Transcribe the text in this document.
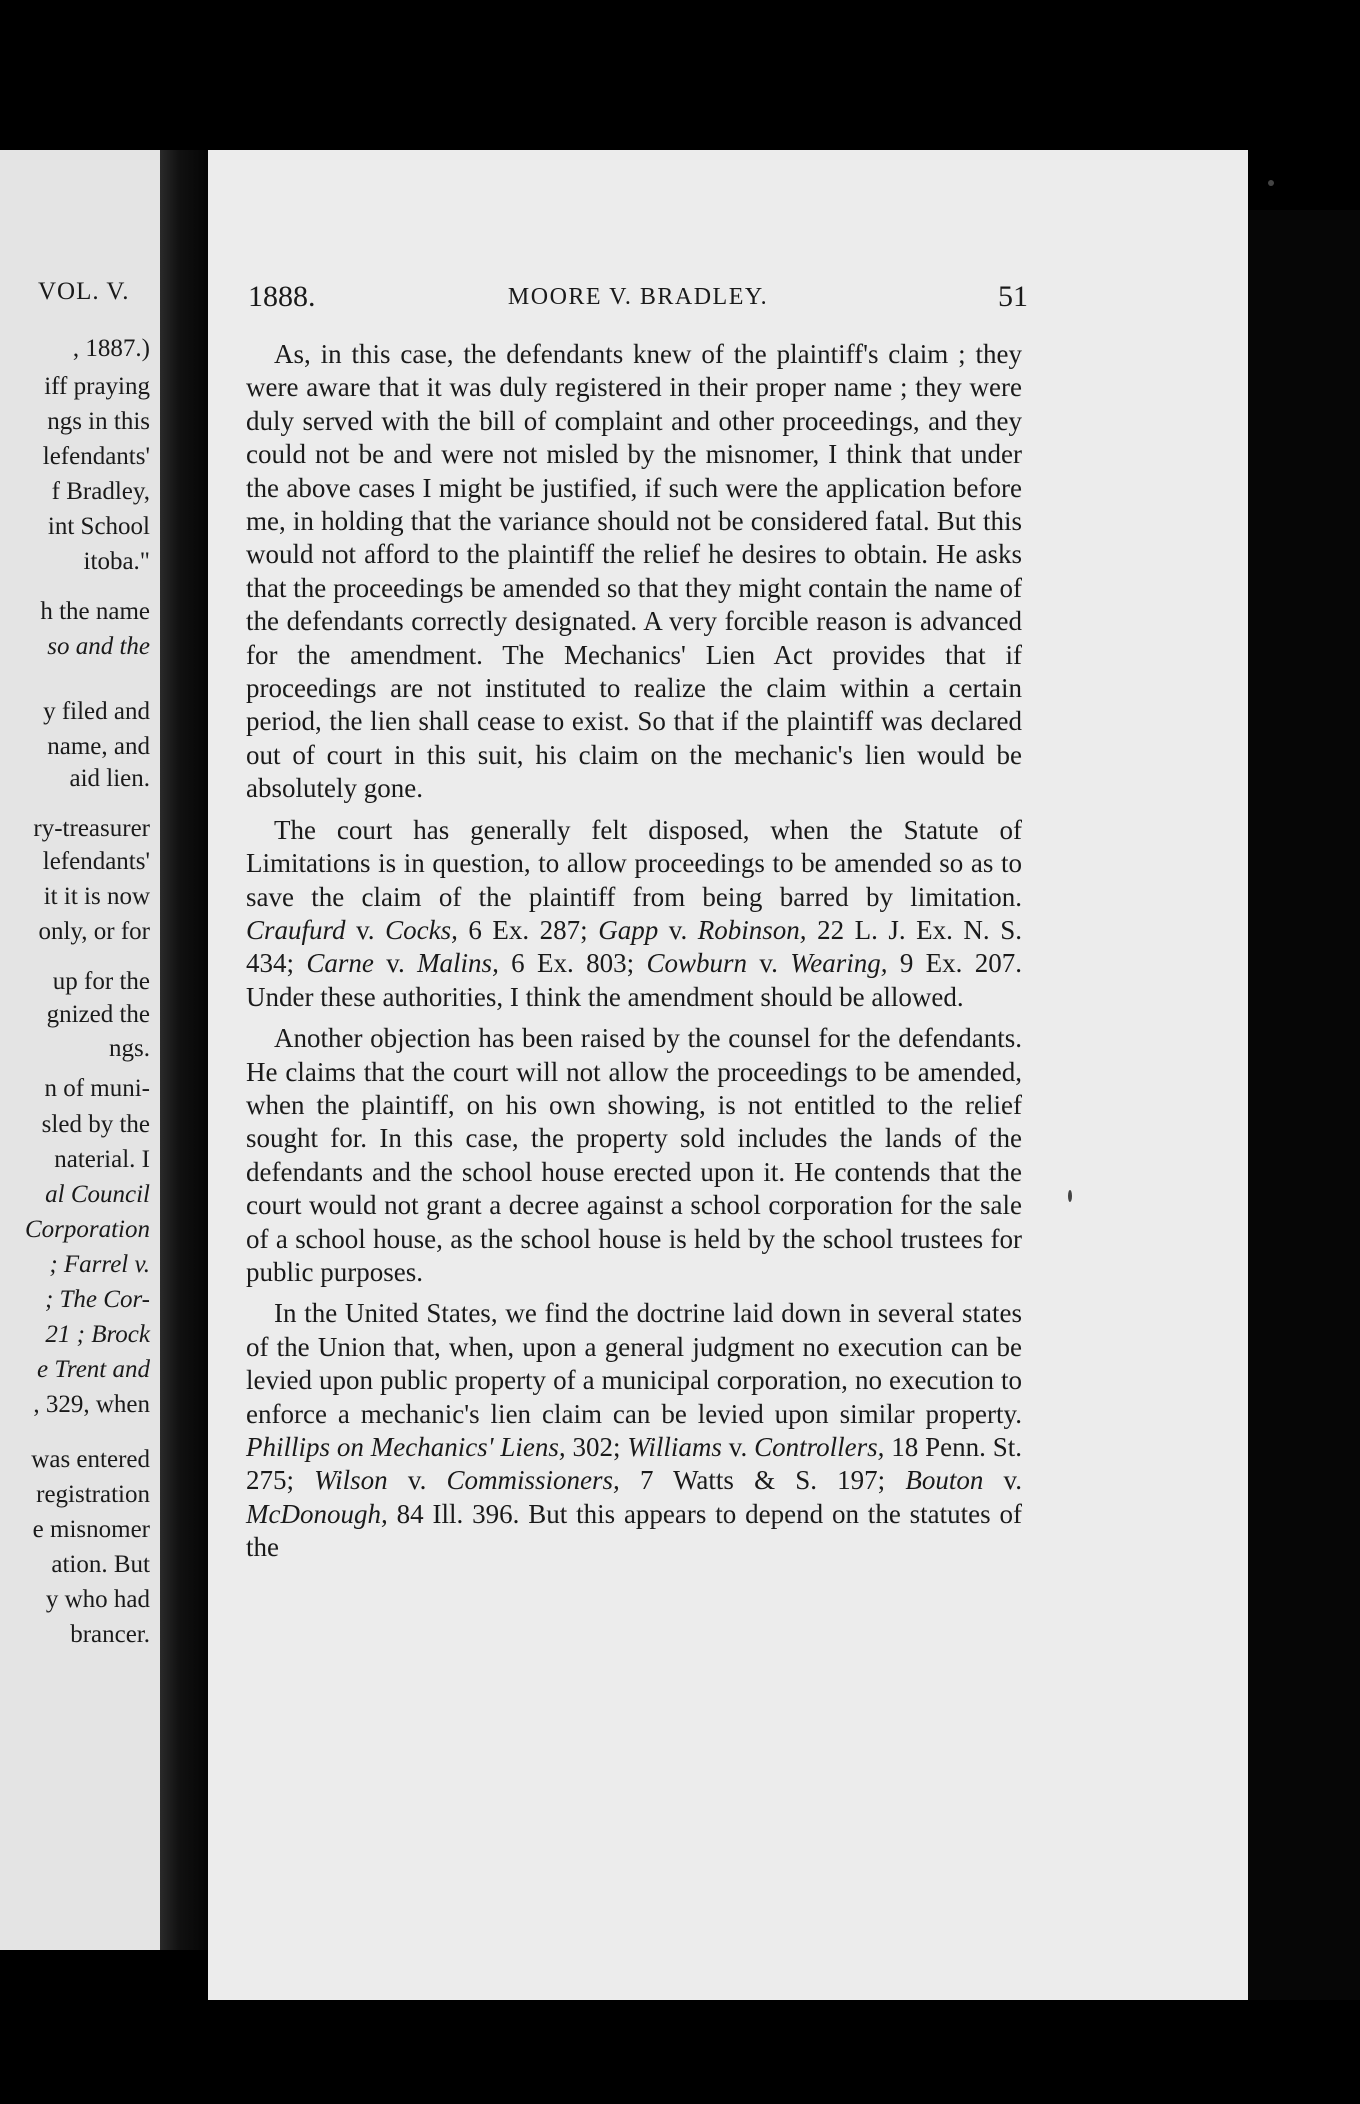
VOL. V.
, 1887.)
iff praying
ngs in this
lefendants'
f Bradley,
int School
itoba."
h the name
so and the
y filed and
name, and
aid lien.
ry-treasurer
lefendants'
it it is now
only, or for
up for the
gnized the
ngs.
n of muni-
sled by the
naterial. I
al Council
Corporation
; Farrel v.
; The Cor-
21 ; Brock
e Trent and
, 329, when
was entered
registration
e misnomer
ation. But
y who had
brancer.
1888.	MOORE V. BRADLEY.	51

As, in this case, the defendants knew of the plaintiff's claim ; they were aware that it was duly registered in their proper name ; they were duly served with the bill of complaint and other proceedings, and they could not be and were not misled by the misnomer, I think that under the above cases I might be justified, if such were the application before me, in holding that the variance should not be considered fatal. But this would not afford to the plaintiff the relief he desires to obtain. He asks that the proceedings be amended so that they might contain the name of the defendants correctly designated. A very forcible reason is advanced for the amendment. The Mechanics' Lien Act provides that if proceedings are not instituted to realize the claim within a certain period, the lien shall cease to exist. So that if the plaintiff was declared out of court in this suit, his claim on the mechanic's lien would be absolutely gone.

The court has generally felt disposed, when the Statute of Limitations is in question, to allow proceedings to be amended so as to save the claim of the plaintiff from being barred by limitation. Craufurd v. Cocks, 6 Ex. 287; Gapp v. Robinson, 22 L. J. Ex. N. S. 434; Carne v. Malins, 6 Ex. 803; Cowburn v. Wearing, 9 Ex. 207. Under these authorities, I think the amendment should be allowed.

Another objection has been raised by the counsel for the defendants. He claims that the court will not allow the proceedings to be amended, when the plaintiff, on his own showing, is not entitled to the relief sought for. In this case, the property sold includes the lands of the defendants and the school house erected upon it. He contends that the court would not grant a decree against a school corporation for the sale of a school house, as the school house is held by the school trustees for public purposes.

In the United States, we find the doctrine laid down in several states of the Union that, when, upon a general judgment no execution can be levied upon public property of a municipal corporation, no execution to enforce a mechanic's lien claim can be levied upon similar property. Phillips on Mechanics' Liens, 302; Williams v. Controllers, 18 Penn. St. 275; Wilson v. Commissioners, 7 Watts & S. 197; Bouton v. McDonough, 84 Ill. 396. But this appears to depend on the statutes of the
